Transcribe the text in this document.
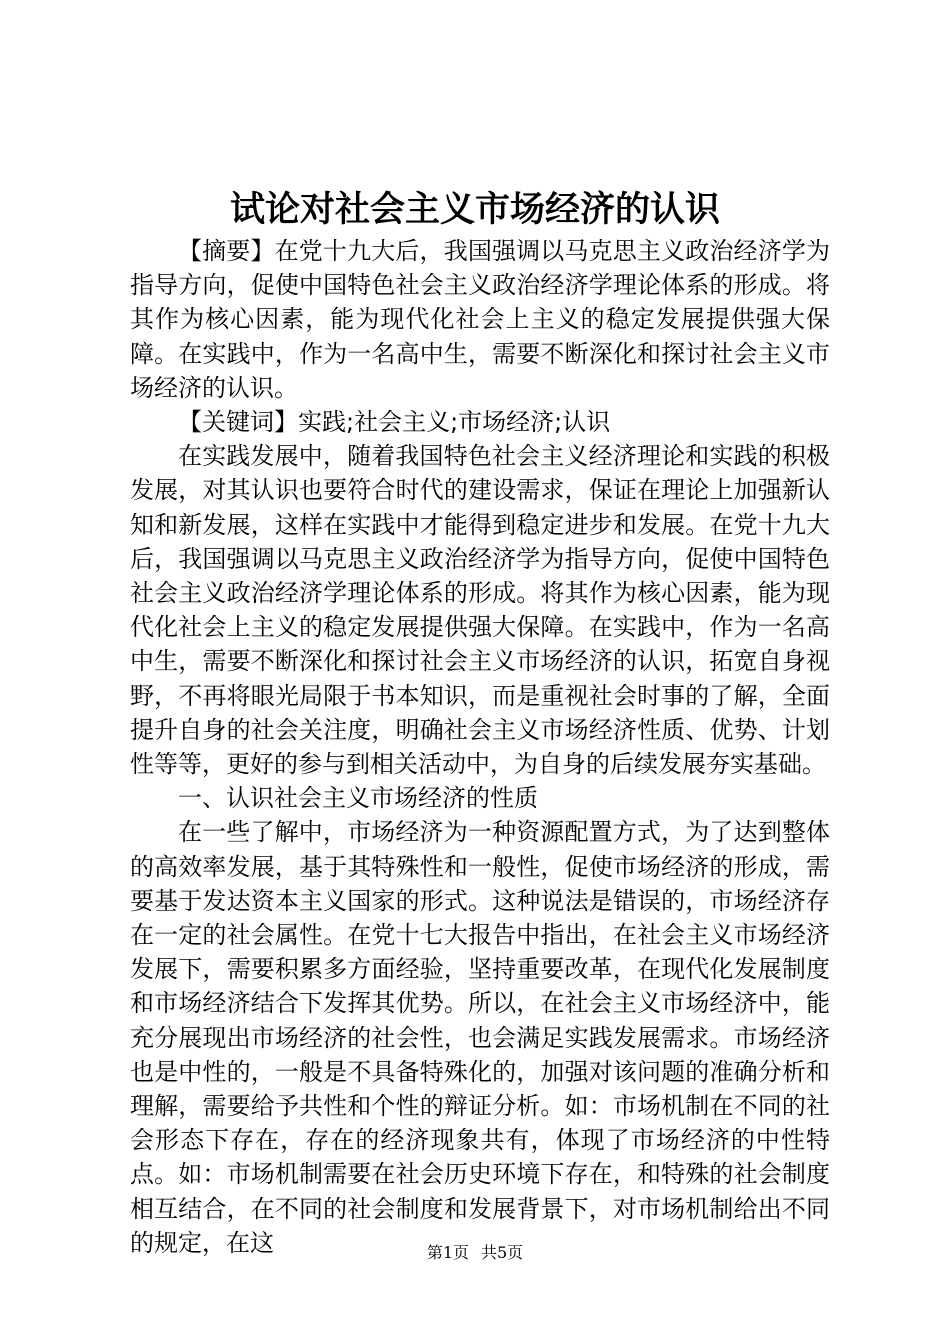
试论对社会主义市场经济的认识

【摘要】在党十九大后，我国强调以马克思主义政治经济学为指导方向，促使中国特色社会主义政治经济学理论体系的形成。将其作为核心因素，能为现代化社会上主义的稳定发展提供强大保障。在实践中，作为一名高中生，需要不断深化和探讨社会主义市场经济的认识。

【关键词】实践;社会主义;市场经济;认识

在实践发展中，随着我国特色社会主义经济理论和实践的积极发展，对其认识也要符合时代的建设需求，保证在理论上加强新认知和新发展，这样在实践中才能得到稳定进步和发展。在党十九大后，我国强调以马克思主义政治经济学为指导方向，促使中国特色社会主义政治经济学理论体系的形成。将其作为核心因素，能为现代化社会上主义的稳定发展提供强大保障。在实践中，作为一名高中生，需要不断深化和探讨社会主义市场经济的认识，拓宽自身视野，不再将眼光局限于书本知识，而是重视社会时事的了解，全面提升自身的社会关注度，明确社会主义市场经济性质、优势、计划性等等，更好的参与到相关活动中，为自身的后续发展夯实基础。

一、认识社会主义市场经济的性质

在一些了解中，市场经济为一种资源配置方式，为了达到整体的高效率发展，基于其特殊性和一般性，促使市场经济的形成，需要基于发达资本主义国家的形式。这种说法是错误的，市场经济存在一定的社会属性。在党十七大报告中指出，在社会主义市场经济发展下，需要积累多方面经验，坚持重要改革，在现代化发展制度和市场经济结合下发挥其优势。所以，在社会主义市场经济中，能充分展现出市场经济的社会性，也会满足实践发展需求。市场经济也是中性的，一般是不具备特殊化的，加强对该问题的准确分析和理解，需要给予共性和个性的辩证分析。如：市场机制在不同的社会形态下存在，存在的经济现象共有，体现了市场经济的中性特点。如：市场机制需要在社会历史环境下存在，和特殊的社会制度相互结合，在不同的社会制度和发展背景下，对市场机制给出不同的规定，在这	第1页 共5页
